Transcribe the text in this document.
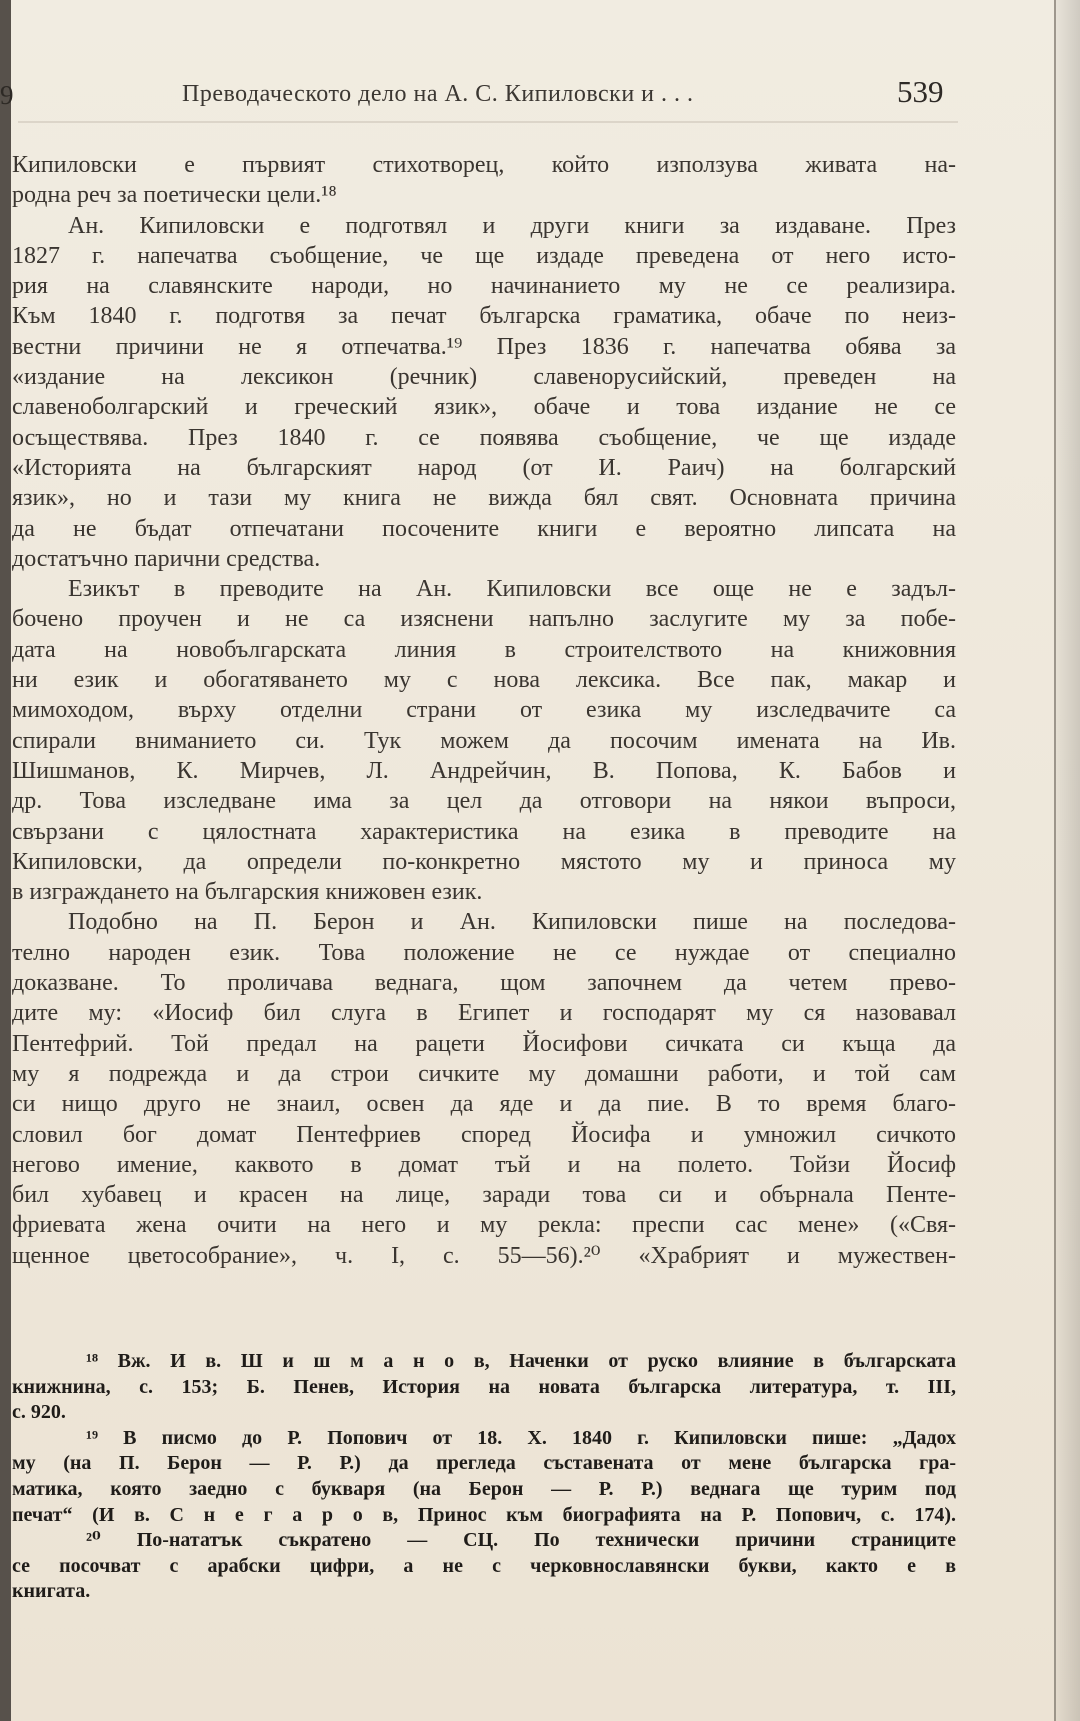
9	Преводаческото дело на А. С. Кипиловски и . . .	539
Кипиловски е първият стихотворец, който използува живата на-
родна реч за поетически цели.¹⁸
Ан. Кипиловски е подготвял и други книги за издаване. През
1827 г. напечатва съобщение, че ще издаде преведена от него исто-
рия на славянските народи, но начинанието му не се реализира.
Към 1840 г. подготвя за печат българска граматика, обаче по неиз-
вестни причини не я отпечатва.¹⁹ През 1836 г. напечатва обява за
«издание на лексикон (речник) славенорусийский, преведен на
славеноболгарский и греческий язик», обаче и това издание не се
осъществява. През 1840 г. се появява съобщение, че ще издаде
«Историята на българският народ (от И. Раич) на болгарский
язик», но и тази му книга не вижда бял свят. Основната причина
да не бъдат отпечатани посочените книги е вероятно липсата на
достатъчно парични средства.
Езикът в преводите на Ан. Кипиловски все още не е задъл-
бочено проучен и не са изяснени напълно заслугите му за побе-
дата на новобългарската линия в строителството на книжовния
ни език и обогатяването му с нова лексика. Все пак, макар и
мимоходом, върху отделни страни от езика му изследвачите са
спирали вниманието си. Тук можем да посочим имената на Ив.
Шишманов, К. Мирчев, Л. Андрейчин, В. Попова, К. Бабов и
др. Това изследване има за цел да отговори на някои въпроси,
свързани с цялостната характеристика на езика в преводите на
Кипиловски, да определи по-конкретно мястото му и приноса му
в изграждането на българския книжовен език.
Подобно на П. Берон и Ан. Кипиловски пише на последова-
телно народен език. Това положение не се нуждае от специално
доказване. То проличава веднага, щом започнем да четем прево-
дите му: «Иосиф бил слуга в Египет и господарят му ся назовавал
Пентефрий. Той предал на рацети Йосифови сичката си къща да
му я подрежда и да строи сичките му домашни работи, и той сам
си нищо друго не знаил, освен да яде и да пие. В то время благо-
словил бог домат Пентефриев според Йосифа и умножил сичкото
негово имение, каквото в домат тъй и на полето. Тойзи Йосиф
бил хубавец и красен на лице, заради това си и обърнала Пенте-
фриевата жена очити на него и му рекла: преспи сас мене» («Свя-
щенное цветособрание», ч. I, с. 55—56).²⁰ «Храбрият и мужествен-
¹⁸ Вж. И в. Ш и ш м а н о в, Наченки от руско влияние в българската
книжнина, с. 153; Б. Пенев, История на новата българска литература, т. III,
с. 920.
¹⁹ В писмо до Р. Попович от 18. X. 1840 г. Кипиловски пише: „Дадох
му (на П. Берон — Р. Р.) да прегледа съставената от мене българска гра-
матика, която заедно с букваря (на Берон — Р. Р.) веднага ще турим под
печат“ (И в. С н е г а р о в, Принос към биографията на Р. Попович, с. 174).
²⁰ По-нататък съкратено — СЦ. По технически причини страниците
се посочват с арабски цифри, а не с черковнославянски букви, както е в
книгата.
